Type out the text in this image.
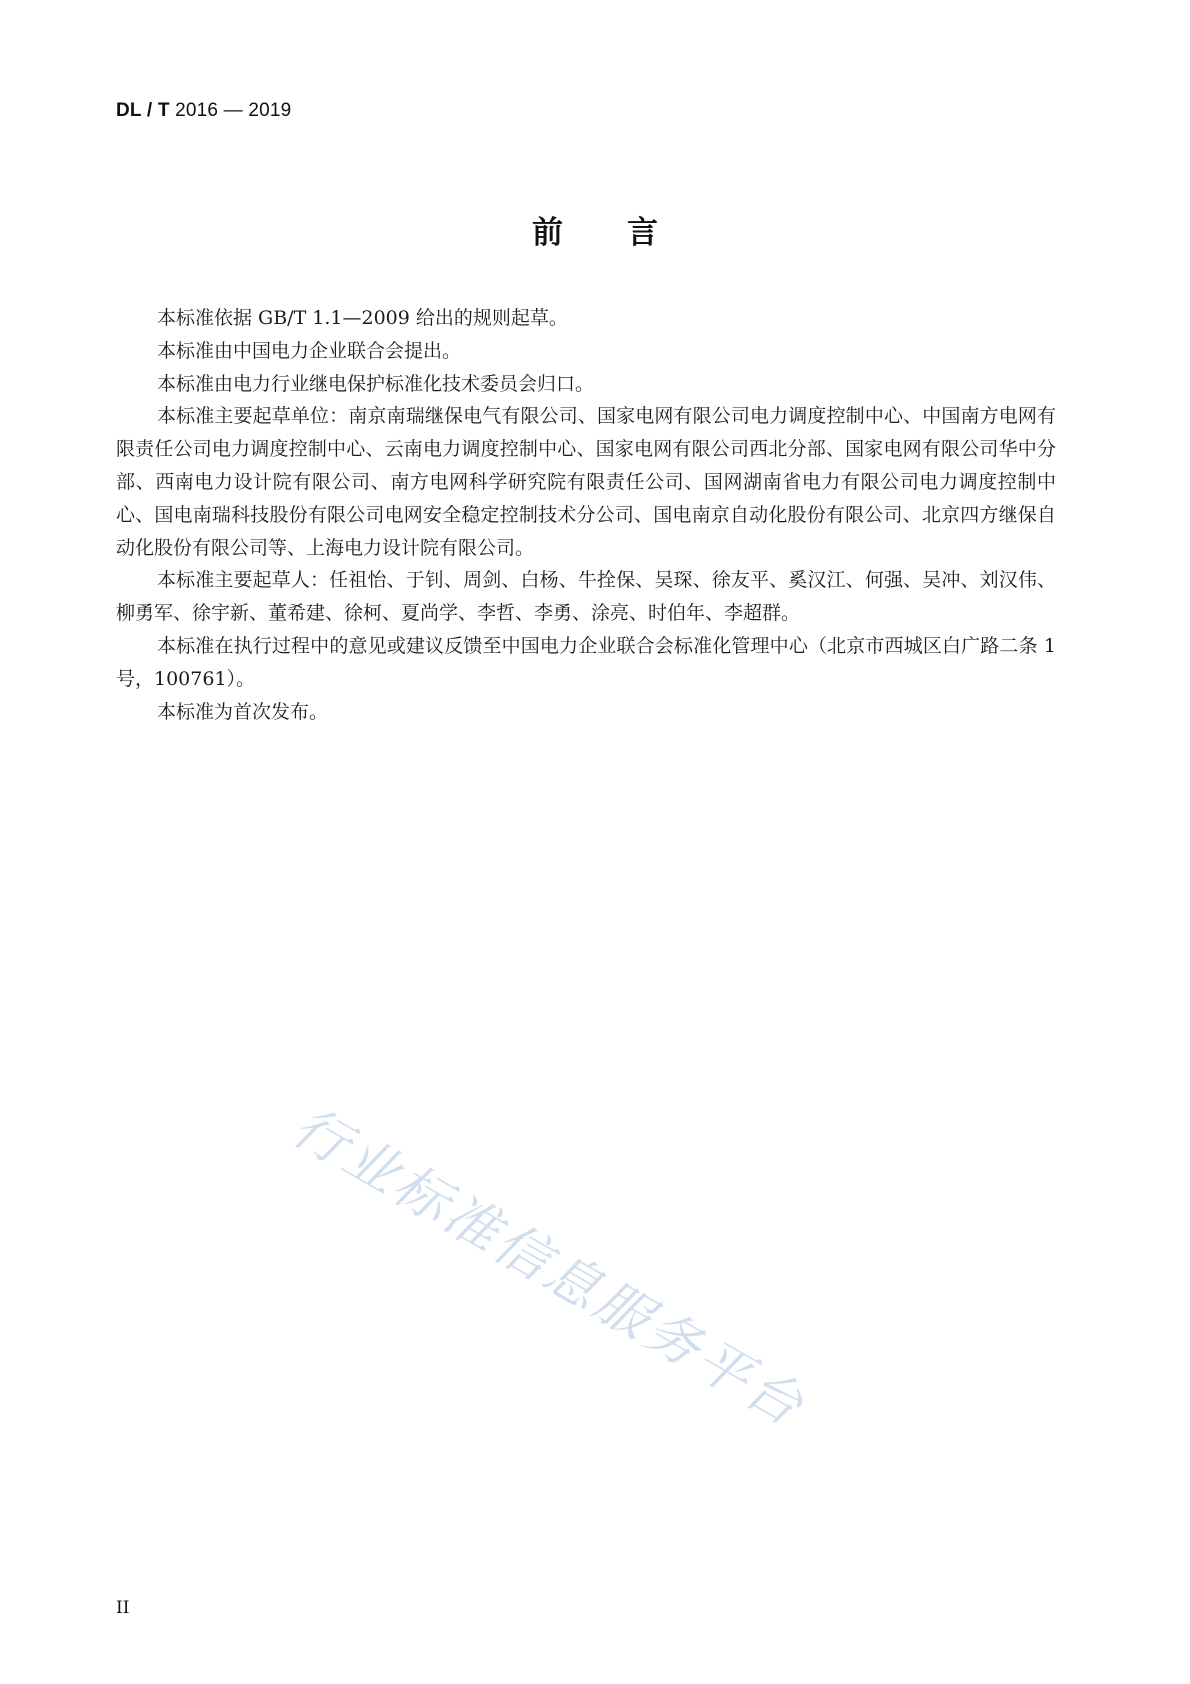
DL / T 2016 — 2019
前言

本标准依据 GB/T 1.1—2009 给出的规则起草。

本标准由中国电力企业联合会提出。

本标准由电力行业继电保护标准化技术委员会归口。

本标准主要起草单位：南京南瑞继保电气有限公司、国家电网有限公司电力调度控制中心、中国南方电网有限责任公司电力调度控制中心、云南电力调度控制中心、国家电网有限公司西北分部、国家电网有限公司华中分部、西南电力设计院有限公司、南方电网科学研究院有限责任公司、国网湖南省电力有限公司电力调度控制中心、国电南瑞科技股份有限公司电网安全稳定控制技术分公司、国电南京自动化股份有限公司、北京四方继保自动化股份有限公司等、上海电力设计院有限公司。

本标准主要起草人：任祖怡、于钊、周剑、白杨、牛拴保、吴琛、徐友平、奚汉江、何强、吴冲、刘汉伟、柳勇军、徐宇新、董希建、徐柯、夏尚学、李哲、李勇、涂亮、时伯年、李超群。

本标准在执行过程中的意见或建议反馈至中国电力企业联合会标准化管理中心（北京市西城区白广路二条 1 号，100761）。

本标准为首次发布。

行业标准信息服务平台
II
